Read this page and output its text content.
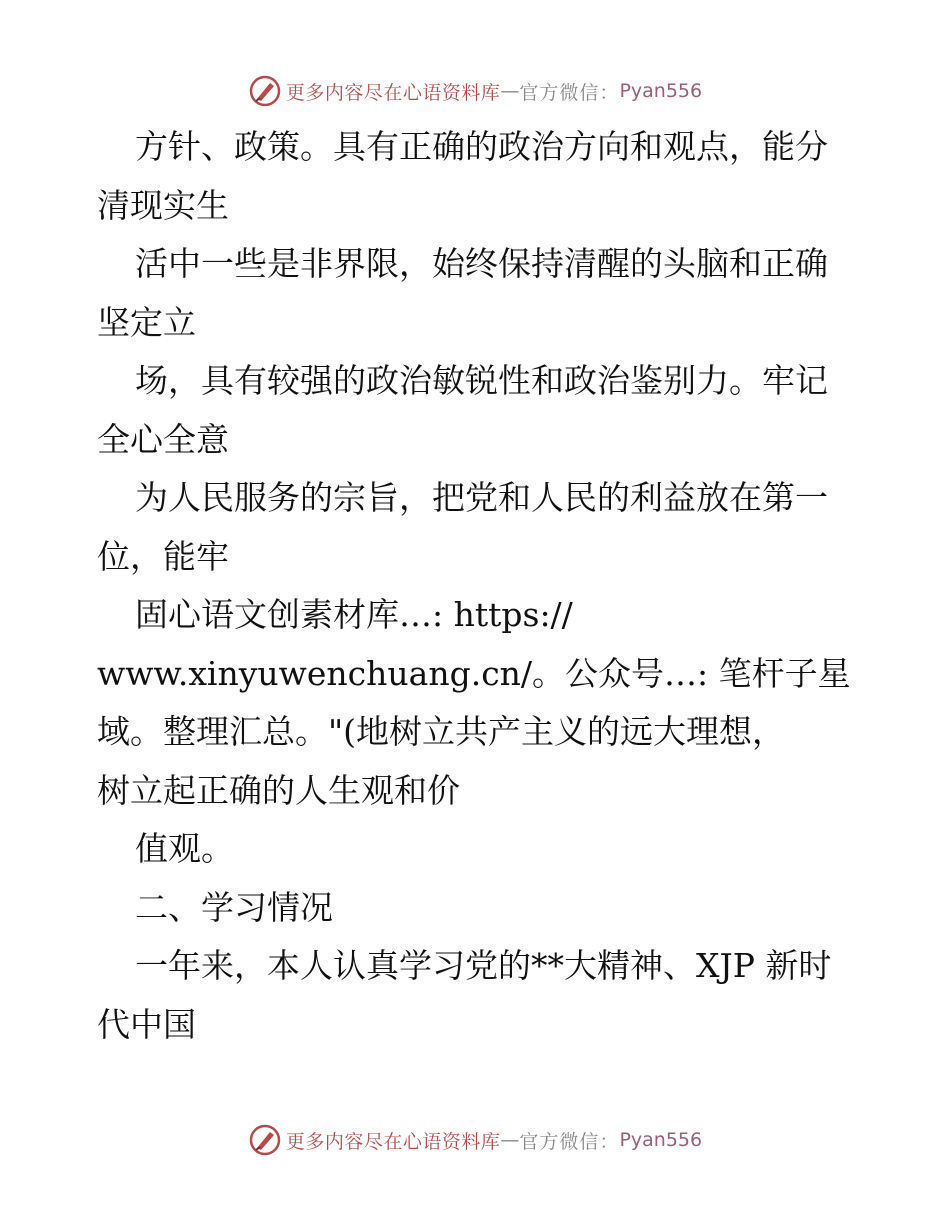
更多内容尽在心语资料库 — 官方微信： Pyan556
方针、政策。具有正确的政治方向和观点，能分
清现实生
活中一些是非界限，始终保持清醒的头脑和正确
坚定立
场，具有较强的政治敏锐性和政治鉴别力。牢记
全心全意
为人民服务的宗旨，把党和人民的利益放在第一
位，能牢
固心语文创素材库…: https://
www.xinyuwenchuang.cn/。公众号…: 笔杆子星
域。整理汇总。"(地树立共产主义的远大理想，
树立起正确的人生观和价
值观。
二、学习情况
一年来，本人认真学习党的**大精神、XJP 新时
代中国
更多内容尽在心语资料库 — 官方微信： Pyan556
